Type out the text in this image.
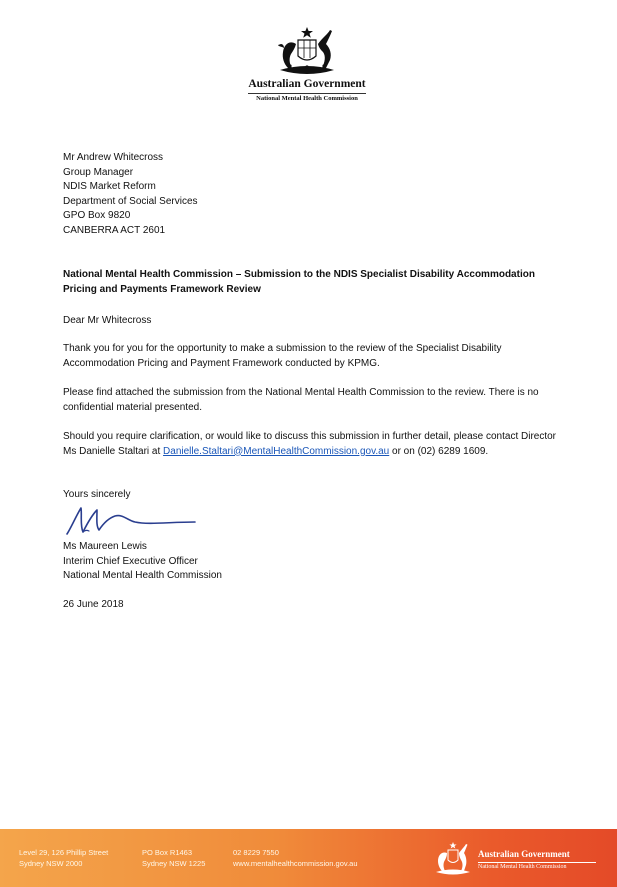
Australian Government
National Mental Health Commission

Mr Andrew Whitecross

Group Manager

NDIS Market Reform

Department of Social Services

GPO Box 9820

CANBERRA ACT 2601

National Mental Health Commission – Submission to the NDIS Specialist Disability Accommodation Pricing and Payments Framework Review

Dear Mr Whitecross

Thank you for you for the opportunity to make a submission to the review of the Specialist Disability Accommodation Pricing and Payment Framework conducted by KPMG.

Please find attached the submission from the National Mental Health Commission to the review. There is no confidential material presented.

Should you require clarification, or would like to discuss this submission in further detail, please contact Director Ms Danielle Staltari at Danielle.Staltari@MentalHealthCommission.gov.au or on (02) 6289 1609.

Yours sincerely

Ms Maureen Lewis

Interim Chief Executive Officer

National Mental Health Commission

26 June 2018

Level 29, 126 Phillip Street
Sydney NSW 2000
PO Box R1463
Sydney NSW 1225
02 8229 7550
www.mentalhealthcommission.gov.au
Australian Government
National Mental Health Commission
